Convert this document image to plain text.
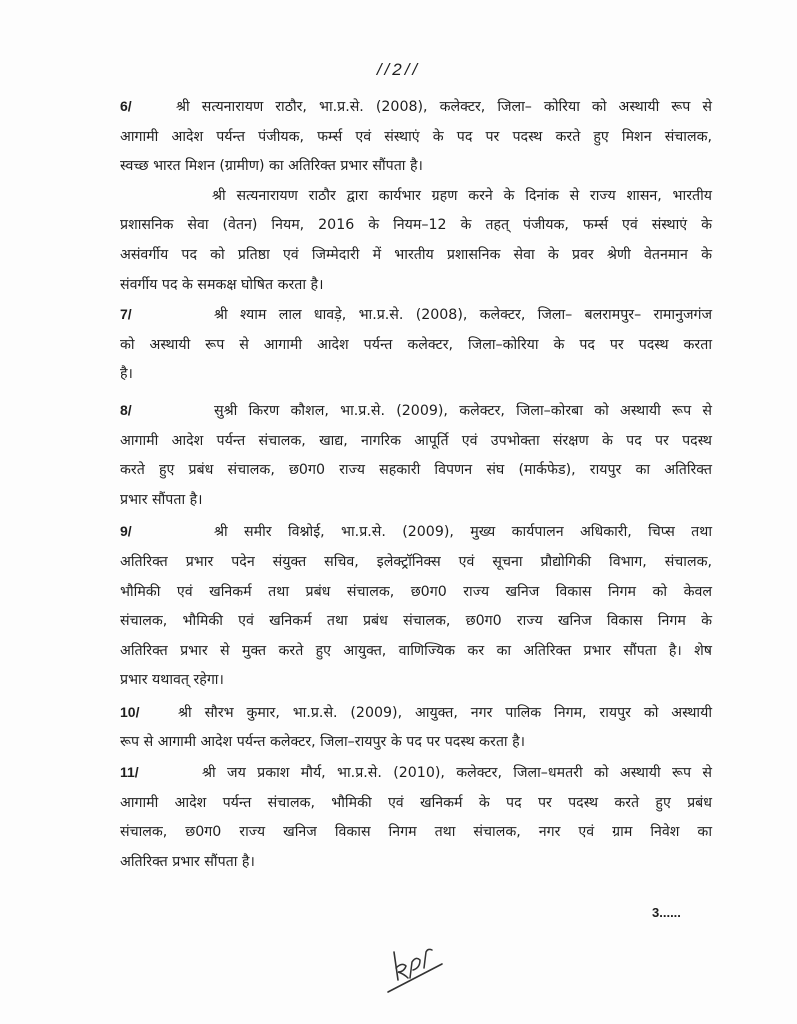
//2//
6/	श्री सत्यनारायण राठौर, भा.प्र.से. (2008), कलेक्टर, जिला– कोरिया को अस्थायी रूप से
आगामी आदेश पर्यन्त पंजीयक, फर्म्स एवं संस्थाएं के पद पर पदस्थ करते हुए मिशन संचालक,
स्वच्छ भारत मिशन (ग्रामीण) का अतिरिक्त प्रभार सौंपता है।
श्री सत्यनारायण राठौर द्वारा कार्यभार ग्रहण करने के दिनांक से राज्य शासन, भारतीय
प्रशासनिक सेवा (वेतन) नियम, 2016 के नियम–12 के तहत् पंजीयक, फर्म्स एवं संस्थाएं के
असंवर्गीय पद को प्रतिष्ठा एवं जिम्मेदारी में भारतीय प्रशासनिक सेवा के प्रवर श्रेणी वेतनमान के
संवर्गीय पद के समकक्ष घोषित करता है।
7/	श्री श्याम लाल धावड़े, भा.प्र.से. (2008), कलेक्टर, जिला– बलरामपुर– रामानुजगंज
को अस्थायी रूप से आगामी आदेश पर्यन्त कलेक्टर, जिला–कोरिया के पद पर पदस्थ करता
है।
8/	सुश्री किरण कौशल, भा.प्र.से. (2009), कलेक्टर, जिला–कोरबा को अस्थायी रूप से
आगामी आदेश पर्यन्त संचालक, खाद्य, नागरिक आपूर्ति एवं उपभोक्ता संरक्षण के पद पर पदस्थ
करते हुए प्रबंध संचालक, छ0ग0 राज्य सहकारी विपणन संघ (मार्कफेड), रायपुर का अतिरिक्त
प्रभार सौंपता है।
9/	श्री समीर विश्नोई, भा.प्र.से. (2009), मुख्य कार्यपालन अधिकारी, चिप्स तथा
अतिरिक्त प्रभार पदेन संयुक्त सचिव, इलेक्ट्रॉनिक्स एवं सूचना प्रौद्योगिकी विभाग, संचालक,
भौमिकी एवं खनिकर्म तथा प्रबंध संचालक, छ0ग0 राज्य खनिज विकास निगम को केवल
संचालक, भौमिकी एवं खनिकर्म तथा प्रबंध संचालक, छ0ग0 राज्य खनिज विकास निगम के
अतिरिक्त प्रभार से मुक्त करते हुए आयुक्त, वाणिज्यिक कर का अतिरिक्त प्रभार सौंपता है। शेष
प्रभार यथावत् रहेगा।
10/	श्री सौरभ कुमार, भा.प्र.से. (2009), आयुक्त, नगर पालिक निगम, रायपुर को अस्थायी
रूप से आगामी आदेश पर्यन्त कलेक्टर, जिला–रायपुर के पद पर पदस्थ करता है।
11/	श्री जय प्रकाश मौर्य, भा.प्र.से. (2010), कलेक्टर, जिला–धमतरी को अस्थायी रूप से
आगामी आदेश पर्यन्त संचालक, भौमिकी एवं खनिकर्म के पद पर पदस्थ करते हुए प्रबंध
संचालक, छ0ग0 राज्य खनिज विकास निगम तथा संचालक, नगर एवं ग्राम निवेश का
अतिरिक्त प्रभार सौंपता है।
3......
